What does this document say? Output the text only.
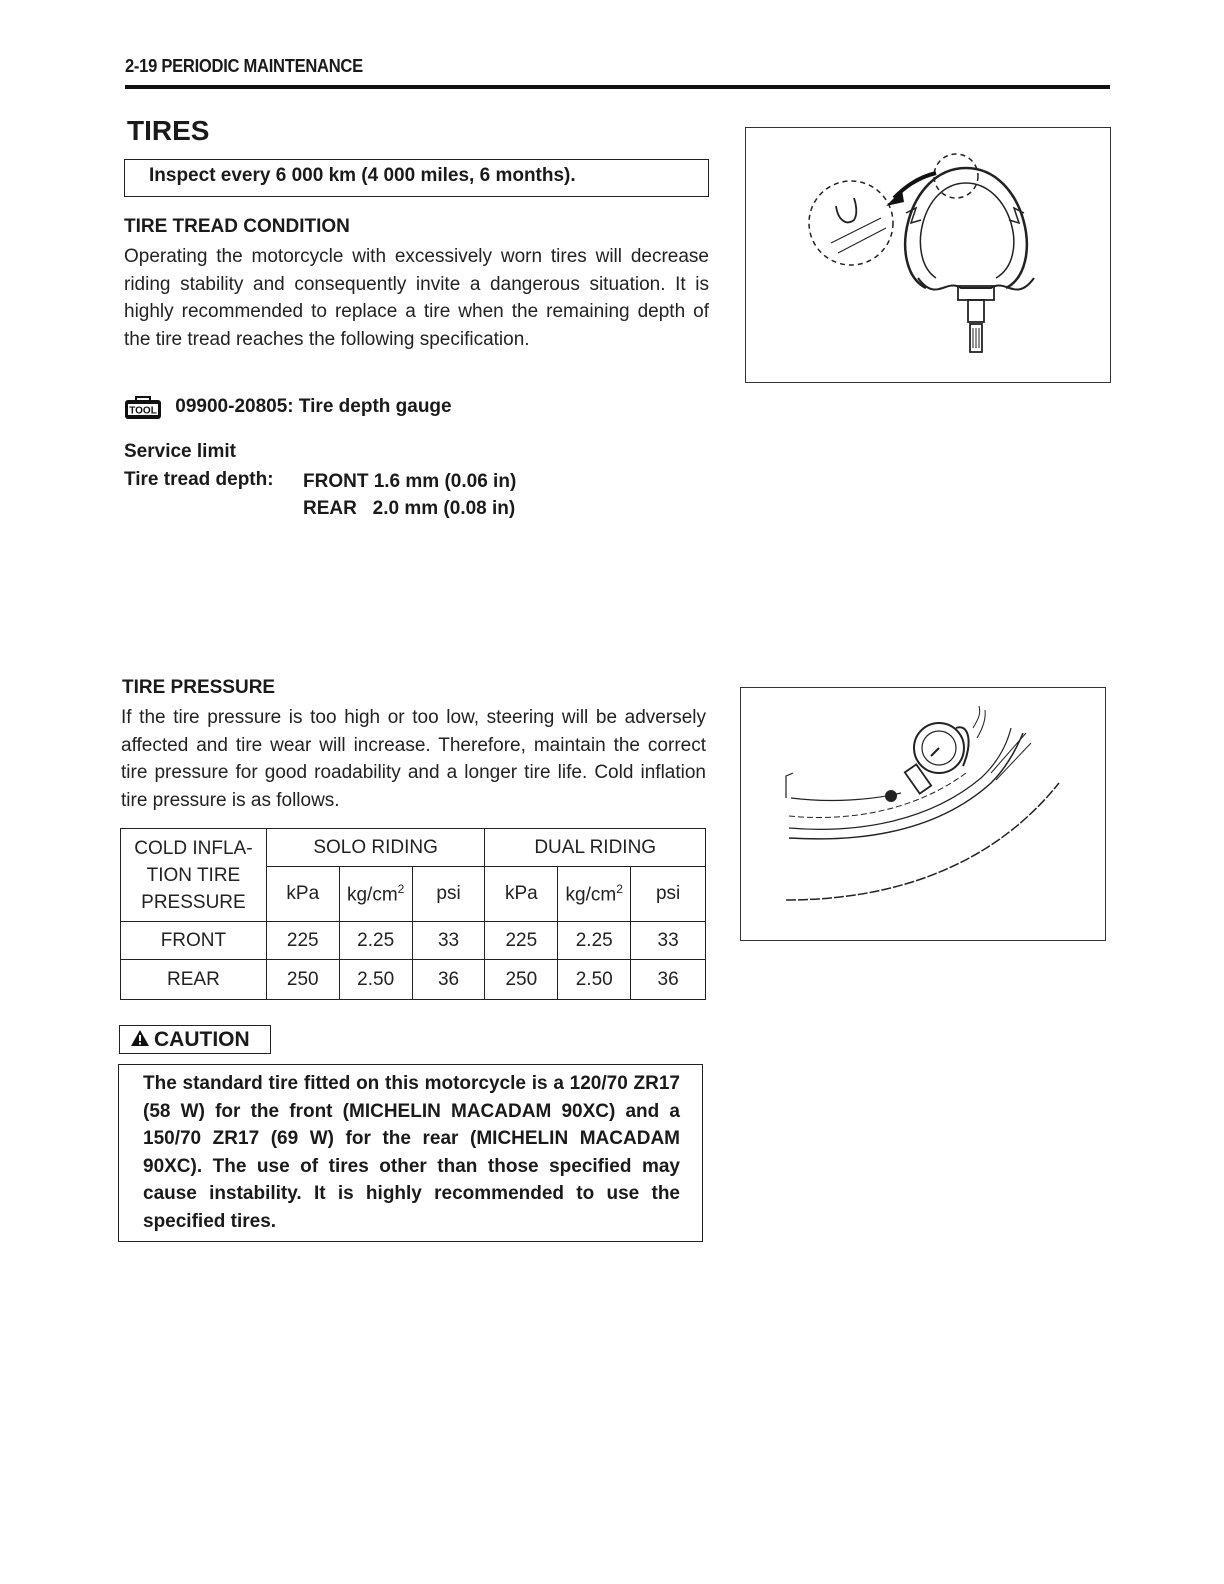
2-19 PERIODIC MAINTENANCE
TIRES
Inspect every 6 000 km (4 000 miles, 6 months).
TIRE TREAD CONDITION
Operating the motorcycle with excessively worn tires will decrease riding stability and consequently invite a dangerous situation. It is highly recommended to replace a tire when the remaining depth of the tire tread reaches the following specification.
TOOL 09900-20805: Tire depth gauge
Service limit
Tire tread depth: FRONT 1.6 mm (0.06 in)
REAR   2.0 mm (0.08 in)
TIRE PRESSURE
If the tire pressure is too high or too low, steering will be adversely affected and tire wear will increase. Therefore, maintain the correct tire pressure for good roadability and a longer tire life. Cold inflation tire pressure is as follows.
COLD INFLA- TION TIRE PRESSURE	SOLO RIDING			DUAL RIDING		
	kPa	$kg/cm^2$	psi	kPa	$kg/cm^2$	psi
FRONT	225	2.25	33	225	2.25	33
REAR	250	2.50	36	250	2.50	36
CAUTION
The standard tire fitted on this motorcycle is a 120/70 ZR17 (58 W) for the front (MICHELIN MACADAM 90XC) and a 150/70 ZR17 (69 W) for the rear (MICHELIN MACADAM 90XC). The use of tires other than those specified may cause instability. It is highly recommended to use the specified tires.
